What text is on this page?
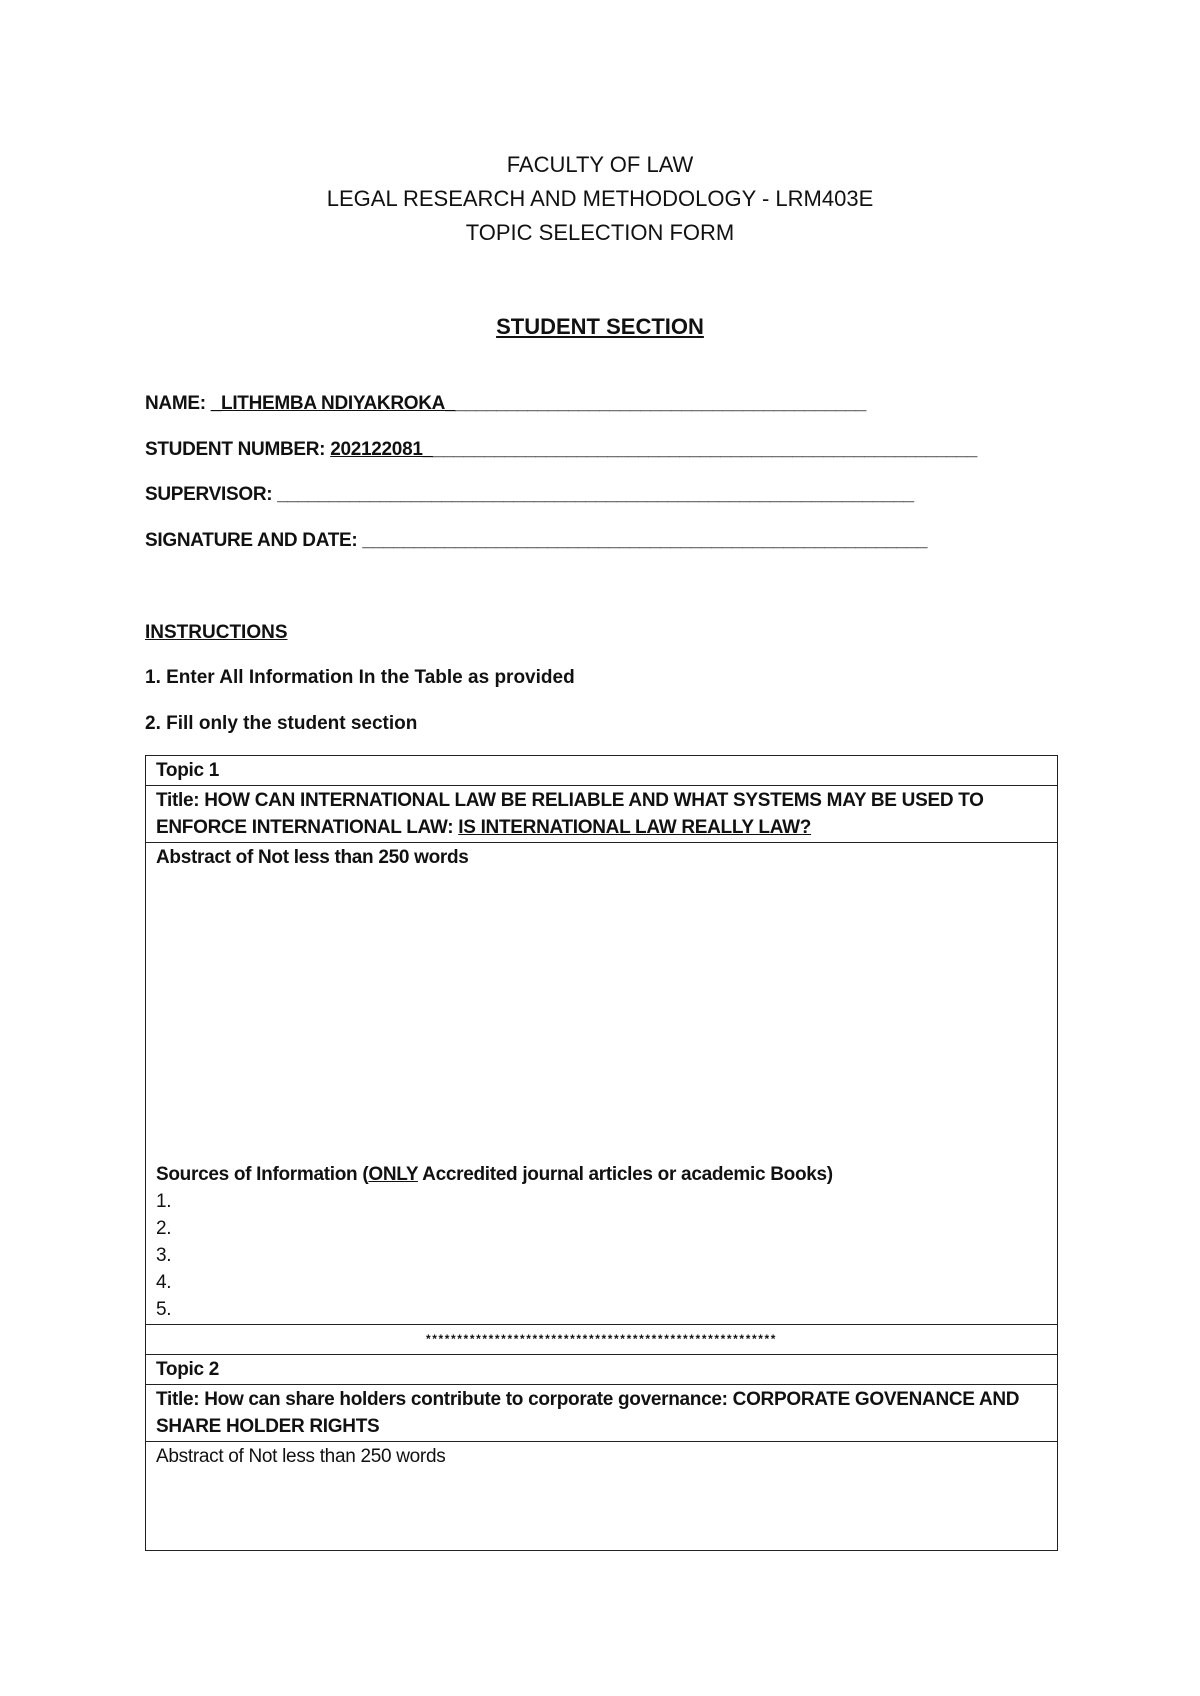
FACULTY OF LAW
LEGAL RESEARCH AND METHODOLOGY - LRM403E
TOPIC SELECTION FORM
STUDENT SECTION
NAME: _LITHEMBA NDIYAKROKA_________________________________________
STUDENT NUMBER: 202122081______________________________________________________
SUPERVISOR: ______________________________________________________________
SIGNATURE AND DATE: _______________________________________________________
INSTRUCTIONS
1. Enter All Information In the Table as provided
2. Fill only the student section
Topic 1
Title: HOW CAN INTERNATIONAL LAW BE RELIABLE AND WHAT SYSTEMS MAY BE USED TO ENFORCE INTERNATIONAL LAW: IS INTERNATIONAL LAW REALLY LAW?

Abstract of Not less than 250 words
Sources of Information (ONLY Accredited journal articles or academic Books)
1.
2.
3.
4.
5.

********************************************************
Topic 2
Title: How can share holders contribute to corporate governance: CORPORATE GOVENANCE AND SHARE HOLDER RIGHTS

Abstract of Not less than 250 words
